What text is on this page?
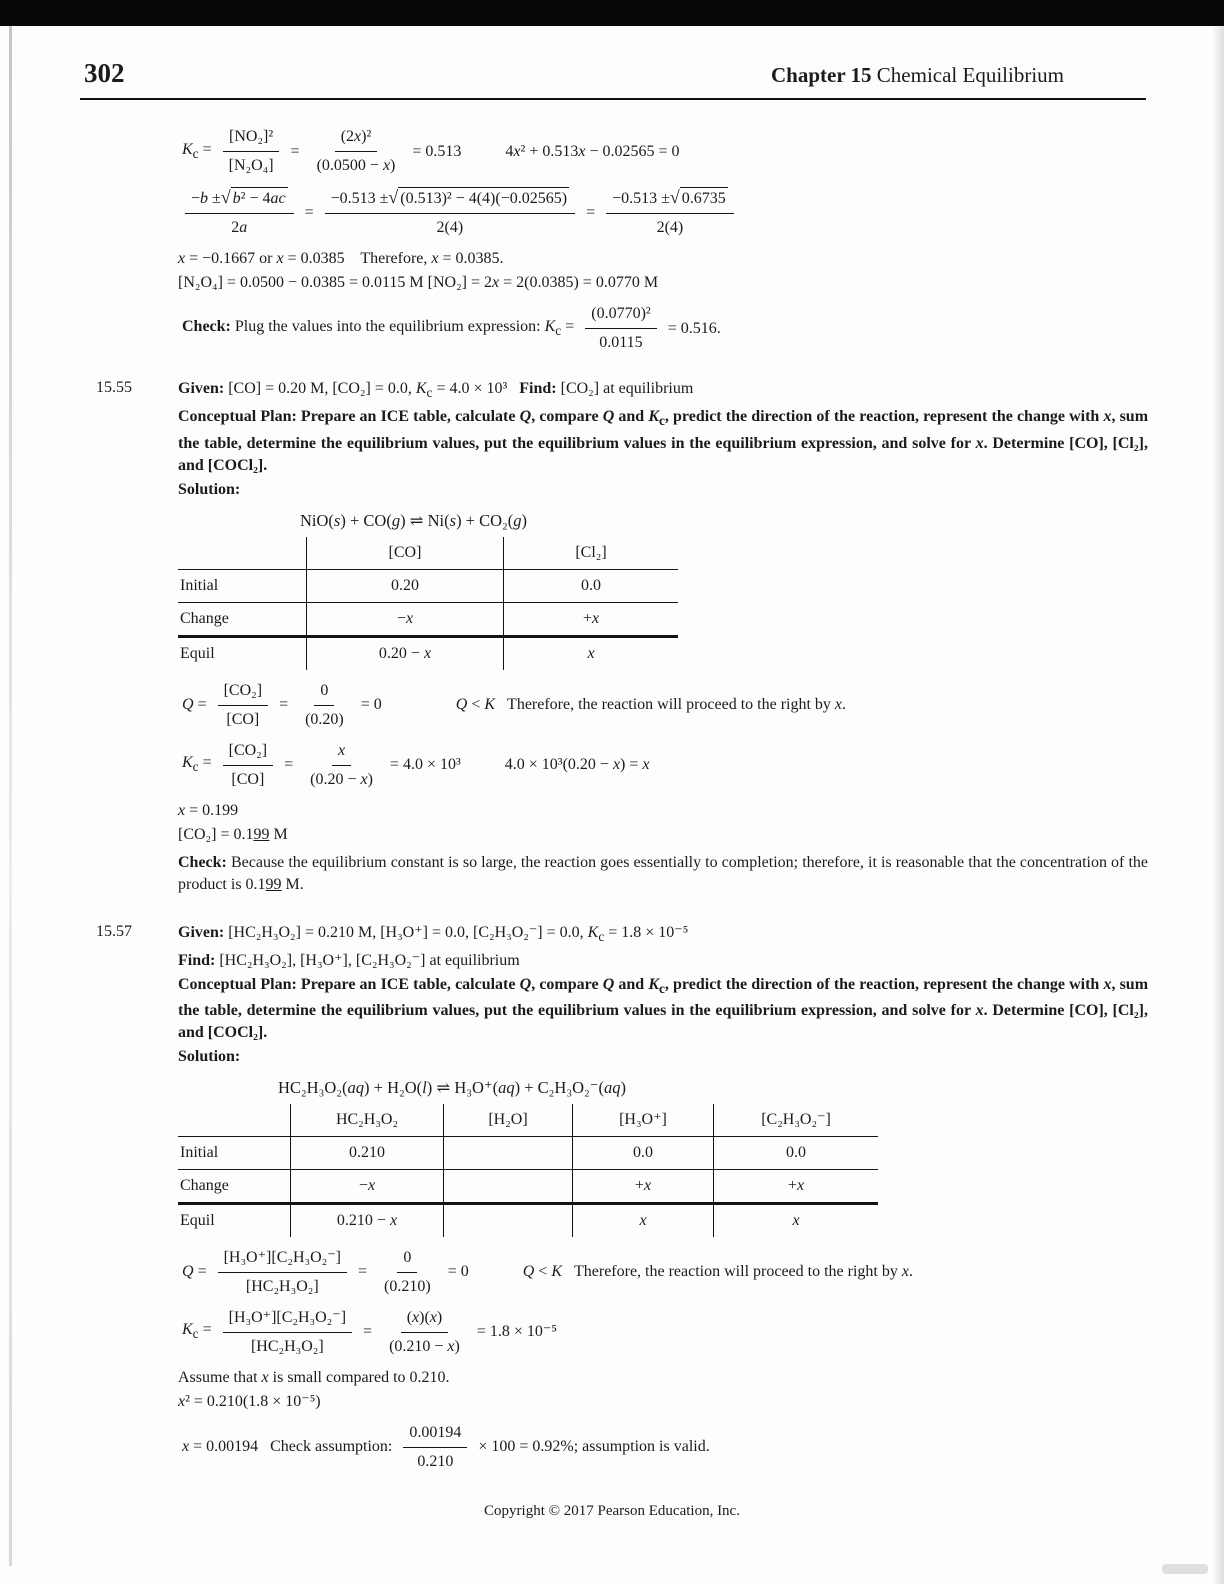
302	Chapter 15 Chemical Equilibrium
$K_c = \frac{\text{[NO₂]²}}{\text{[N₂O₄]}} = \frac{\text{(2 x )²}}{(0.0500 - x)} = 0.513$	4x² + 0.513x − 0.02565 = 0
$\frac{\text{−b ± √ b² − 4ac}}{2a}$ =
−0.513 ± √ (0.513)² − 4(4)(−0.02565)
2(4)
= $\frac{-0.513 \pm √ 0.6735}{2(4)}$

x = −0.1667 or x = 0.0385    Therefore, x = 0.0385.

[N₂O₄] = 0.0500 − 0.0385 = 0.0115 M [NO₂] = 2x = 2(0.0385) = 0.0770 M

Check: Plug the values into the equilibrium expression: $K_c = \frac{\text{(0.0770)²}}{0.0115} = 0.516$.
15.55	Given: [CO] = 0.20 M, [CO₂] = 0.0, $K_c = 4.0 \times 10^3$   Find: [CO₂] at equilibrium

Conceptual Plan: Prepare an ICE table, calculate Q, compare Q and $K_c$, predict the direction of the reaction, represent the change with x, sum the table, determine the equilibrium values, put the equilibrium values in the equilibrium expression, and solve for x. Determine [CO], [Cl₂], and [COCl₂].

Solution:

NiO(s) + CO(g) ⇌ Ni(s) + CO₂(g)

	[CO]	[Cl₂]
Initial	0.20	0.0
Change	−x	+x
Equil	0.20 − x	x
$Q = \frac{\text{[CO₂]}}{[CO]} = \frac{0}{(0.20)} = 0$	Q < K   Therefore, the reaction will proceed to the right by x.
$K_c = \frac{\text{[CO₂]}}{[CO]} = \frac{x}{(0.20 - x)} = 4.0 \times 10^3$	4.0 × 10³(0.20 − x) = x

x = 0.199

[CO₂] = 0.199 M

Check: Because the equilibrium constant is so large, the reaction goes essentially to completion; therefore, it is reasonable that the concentration of the product is 0.199 M.

15.57	Given: [HC₂H₃O₂] = 0.210 M, [H₃O⁺] = 0.0, [C₂H₃O₂⁻] = 0.0, $K_c = 1.8 \times 10^{-5}$

Find: [HC₂H₃O₂], [H₃O⁺], [C₂H₃O₂⁻] at equilibrium

Conceptual Plan: Prepare an ICE table, calculate Q, compare Q and $K_c$, predict the direction of the reaction, represent the change with x, sum the table, determine the equilibrium values, put the equilibrium values in the equilibrium expression, and solve for x. Determine [CO], [Cl₂], and [COCl₂].

Solution:

HC₂H₃O₂(aq) + H₂O(l) ⇌ H₃O⁺(aq) + C₂H₃O₂⁻(aq)

	HC₂H₃O₂	[H₂O]	[H₃O⁺]	[C₂H₃O₂⁻]
Initial	0.210		0.0	0.0
Change	−x		+x	+x
Equil	0.210 − x		x	x
$Q = \frac{\text{[H₃O⁺][C₂H₃O₂⁻]}}{\text{[HC₂H₃O₂]}} = \frac{0}{(0.210)} = 0$	Q < K   Therefore, the reaction will proceed to the right by x.
$K_c = \frac{\text{[H₃O⁺][C₂H₃O₂⁻]}}{\text{[HC₂H₃O₂]}} = \frac{( x )( x )}{(0.210 - x)} = 1.8 \times 10^{-5}$

Assume that x is small compared to 0.210.

x² = 0.210(1.8 × 10⁻⁵)

x = 0.00194   Check assumption: $\frac{0.00194}{0.210} \times 100 = 0.92\%$; assumption is valid.
Copyright © 2017 Pearson Education, Inc.
